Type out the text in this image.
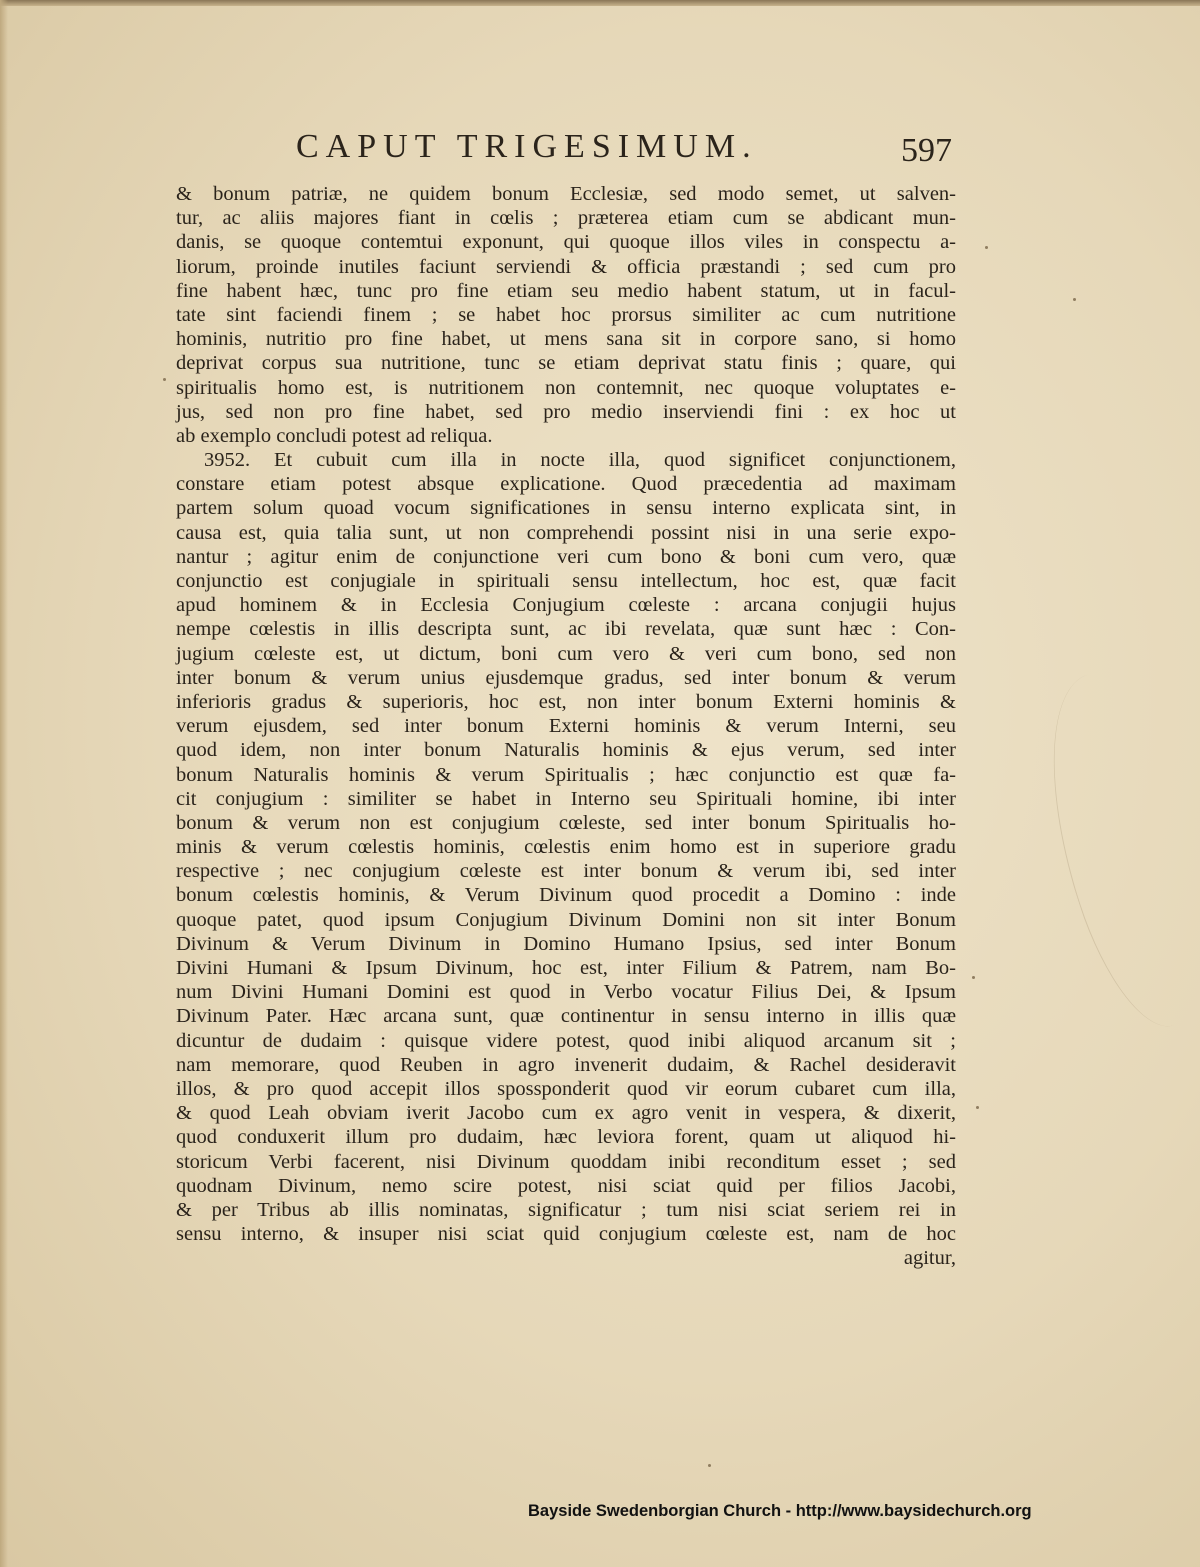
CAPUT TRIGESIMUM.	597
& bonum patriæ, ne quidem bonum Ecclesiæ, sed modo semet, ut salven-
tur, ac aliis majores fiant in cœlis ; præterea etiam cum se abdicant mun-
danis, se quoque contemtui exponunt, qui quoque illos viles in conspectu a-
liorum, proinde inutiles faciunt serviendi & officia præstandi ; sed cum pro
fine habent hæc, tunc pro fine etiam seu medio habent statum, ut in facul-
tate sint faciendi finem ; se habet hoc prorsus similiter ac cum nutritione
hominis, nutritio pro fine habet, ut mens sana sit in corpore sano, si homo
deprivat corpus sua nutritione, tunc se etiam deprivat statu finis ; quare, qui
spiritualis homo est, is nutritionem non contemnit, nec quoque voluptates e-
jus, sed non pro fine habet, sed pro medio inserviendi fini : ex hoc ut
ab exemplo concludi potest ad reliqua.
3952. Et cubuit cum illa in nocte illa, quod significet conjunctionem,
constare etiam potest absque explicatione. Quod præcedentia ad maximam
partem solum quoad vocum significationes in sensu interno explicata sint, in
causa est, quia talia sunt, ut non comprehendi possint nisi in una serie expo-
nantur ; agitur enim de conjunctione veri cum bono & boni cum vero, quæ
conjunctio est conjugiale in spirituali sensu intellectum, hoc est, quæ facit
apud hominem & in Ecclesia Conjugium cœleste : arcana conjugii hujus
nempe cœlestis in illis descripta sunt, ac ibi revelata, quæ sunt hæc : Con-
jugium cœleste est, ut dictum, boni cum vero & veri cum bono, sed non
inter bonum & verum unius ejusdemque gradus, sed inter bonum & verum
inferioris gradus & superioris, hoc est, non inter bonum Externi hominis &
verum ejusdem, sed inter bonum Externi hominis & verum Interni, seu
quod idem, non inter bonum Naturalis hominis & ejus verum, sed inter
bonum Naturalis hominis & verum Spiritualis ; hæc conjunctio est quæ fa-
cit conjugium : similiter se habet in Interno seu Spirituali homine, ibi inter
bonum & verum non est conjugium cœleste, sed inter bonum Spiritualis ho-
minis & verum cœlestis hominis, cœlestis enim homo est in superiore gradu
respective ; nec conjugium cœleste est inter bonum & verum ibi, sed inter
bonum cœlestis hominis, & Verum Divinum quod procedit a Domino : inde
quoque patet, quod ipsum Conjugium Divinum Domini non sit inter Bonum
Divinum & Verum Divinum in Domino Humano Ipsius, sed inter Bonum
Divini Humani & Ipsum Divinum, hoc est, inter Filium & Patrem, nam Bo-
num Divini Humani Domini est quod in Verbo vocatur Filius Dei, & Ipsum
Divinum Pater. Hæc arcana sunt, quæ continentur in sensu interno in illis quæ
dicuntur de dudaim : quisque videre potest, quod inibi aliquod arcanum sit ;
nam memorare, quod Reuben in agro invenerit dudaim, & Rachel desideravit
illos, & pro quod accepit illos spossponderit quod vir eorum cubaret cum illa,
& quod Leah obviam iverit Jacobo cum ex agro venit in vespera, & dixerit,
quod conduxerit illum pro dudaim, hæc leviora forent, quam ut aliquod hi-
storicum Verbi facerent, nisi Divinum quoddam inibi reconditum esset ; sed
quodnam Divinum, nemo scire potest, nisi sciat quid per filios Jacobi,
& per Tribus ab illis nominatas, significatur ; tum nisi sciat seriem rei in
sensu interno, & insuper nisi sciat quid conjugium cœleste est, nam de hoc
agitur,
Bayside Swedenborgian Church - http://www.baysidechurch.org
